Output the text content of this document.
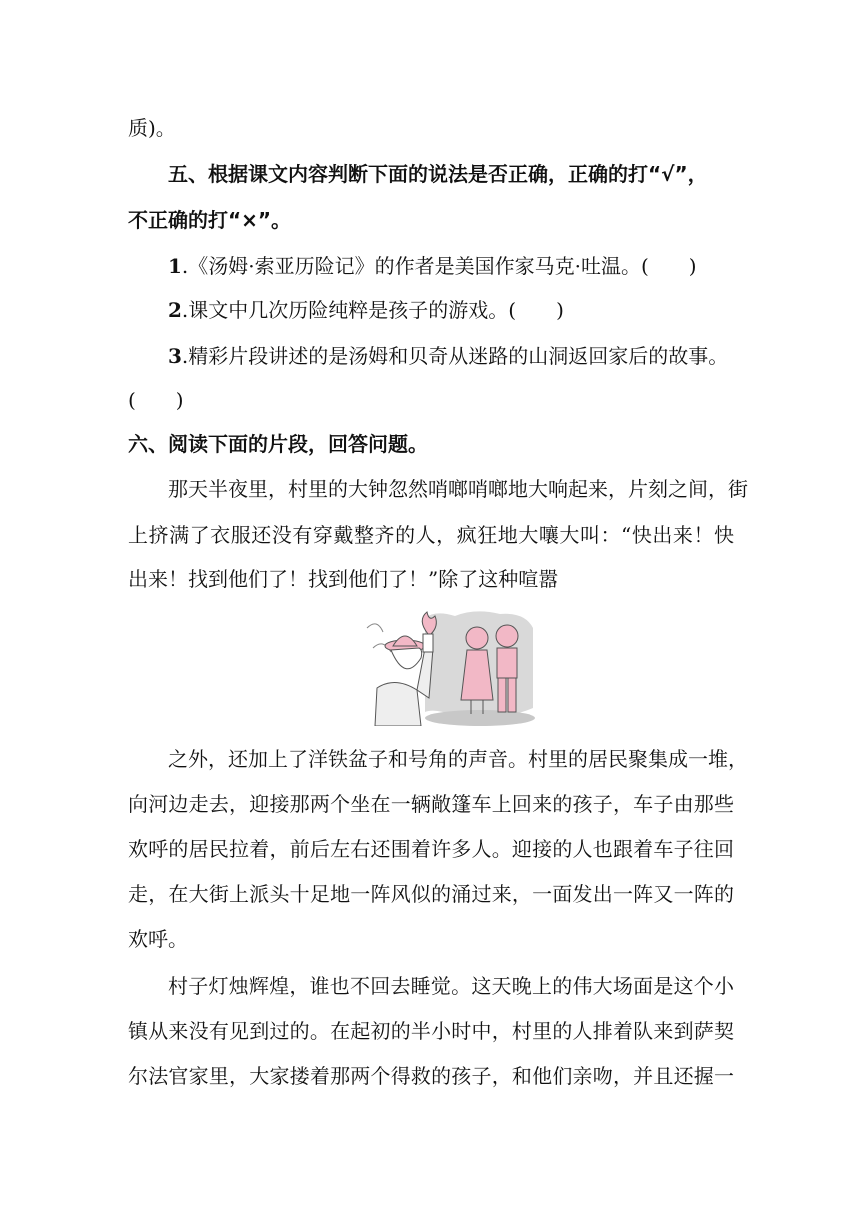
质)。
五、根据课文内容判断下面的说法是否正确，正确的打“√”，
不正确的打“×”。
1.《汤姆·索亚历险记》的作者是美国作家马克·吐温。(　　)
2.课文中几次历险纯粹是孩子的游戏。(　　)
3.精彩片段讲述的是汤姆和贝奇从迷路的山洞返回家后的故事。
(　　)
六、阅读下面的片段，回答问题。
那天半夜里，村里的大钟忽然哨啷哨啷地大响起来，片刻之间，街
上挤满了衣服还没有穿戴整齐的人，疯狂地大嚷大叫：“快出来！快
出来！找到他们了！找到他们了！”除了这种喧嚣
之外，还加上了洋铁盆子和号角的声音。村里的居民聚集成一堆，
向河边走去，迎接那两个坐在一辆敞篷车上回来的孩子，车子由那些
欢呼的居民拉着，前后左右还围着许多人。迎接的人也跟着车子往回
走，在大街上派头十足地一阵风似的涌过来，一面发出一阵又一阵的
欢呼。
村子灯烛辉煌，谁也不回去睡觉。这天晚上的伟大场面是这个小
镇从来没有见到过的。在起初的半小时中，村里的人排着队来到萨契
尔法官家里，大家搂着那两个得救的孩子，和他们亲吻，并且还握一
